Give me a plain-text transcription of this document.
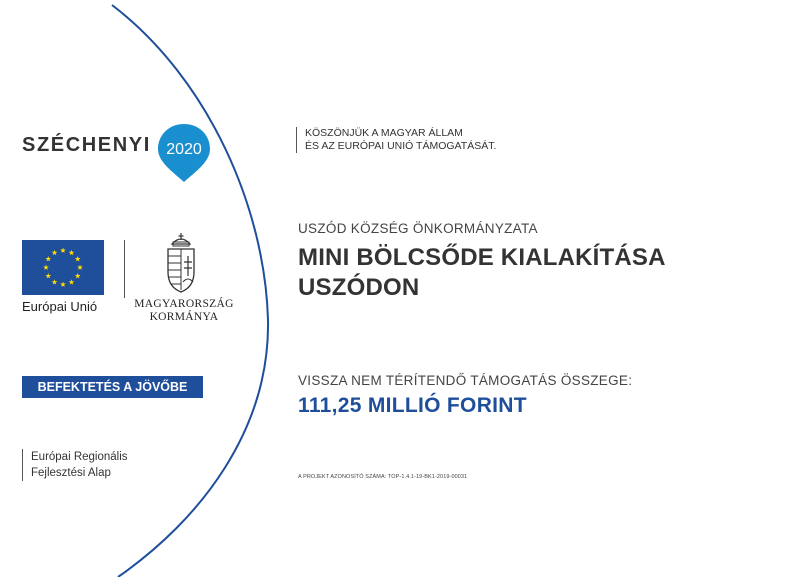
SZÉCHENYI 2020
Európai Unió	MAGYARORSZÁG
KORMÁNYA
BEFEKTETÉS A JÖVŐBE
Európai Regionális
Fejlesztési Alap
KÖSZÖNJÜK A MAGYAR ÁLLAM
ÉS AZ EURÓPAI UNIÓ TÁMOGATÁSÁT.
USZÓD KÖZSÉG ÖNKORMÁNYZATA
MINI BÖLCSŐDE KIALAKÍTÁSA
USZÓDON
VISSZA NEM TÉRÍTENDŐ TÁMOGATÁS ÖSSZEGE:
111,25 MILLIÓ FORINT
A PROJEKT AZONOSÍTÓ SZÁMA: TOP-1.4.1-19-BK1-2019-00031
